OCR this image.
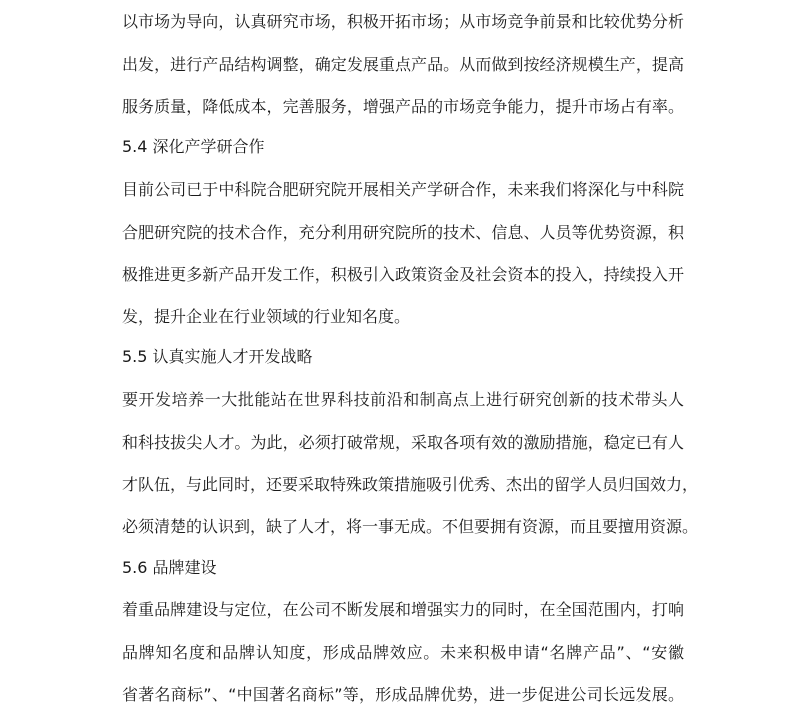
以市场为导向，认真研究市场，积极开拓市场；从市场竞争前景和比较优势分析
出发，进行产品结构调整，确定发展重点产品。从而做到按经济规模生产，提高
服务质量，降低成本，完善服务，增强产品的市场竞争能力，提升市场占有率。
5.4 深化产学研合作
目前公司已于中科院合肥研究院开展相关产学研合作，未来我们将深化与中科院
合肥研究院的技术合作，充分利用研究院所的技术、信息、人员等优势资源，积
极推进更多新产品开发工作，积极引入政策资金及社会资本的投入，持续投入开
发，提升企业在行业领域的行业知名度。
5.5 认真实施人才开发战略
要开发培养一大批能站在世界科技前沿和制高点上进行研究创新的技术带头人
和科技拔尖人才。为此，必须打破常规，采取各项有效的激励措施，稳定已有人
才队伍，与此同时，还要采取特殊政策措施吸引优秀、杰出的留学人员归国效力，
必须清楚的认识到，缺了人才，将一事无成。不但要拥有资源，而且要擅用资源。
5.6 品牌建设
着重品牌建设与定位，在公司不断发展和增强实力的同时，在全国范围内，打响
品牌知名度和品牌认知度，形成品牌效应。未来积极申请“名牌产品”、“安徽
省著名商标”、“中国著名商标”等，形成品牌优势，进一步促进公司长远发展。
